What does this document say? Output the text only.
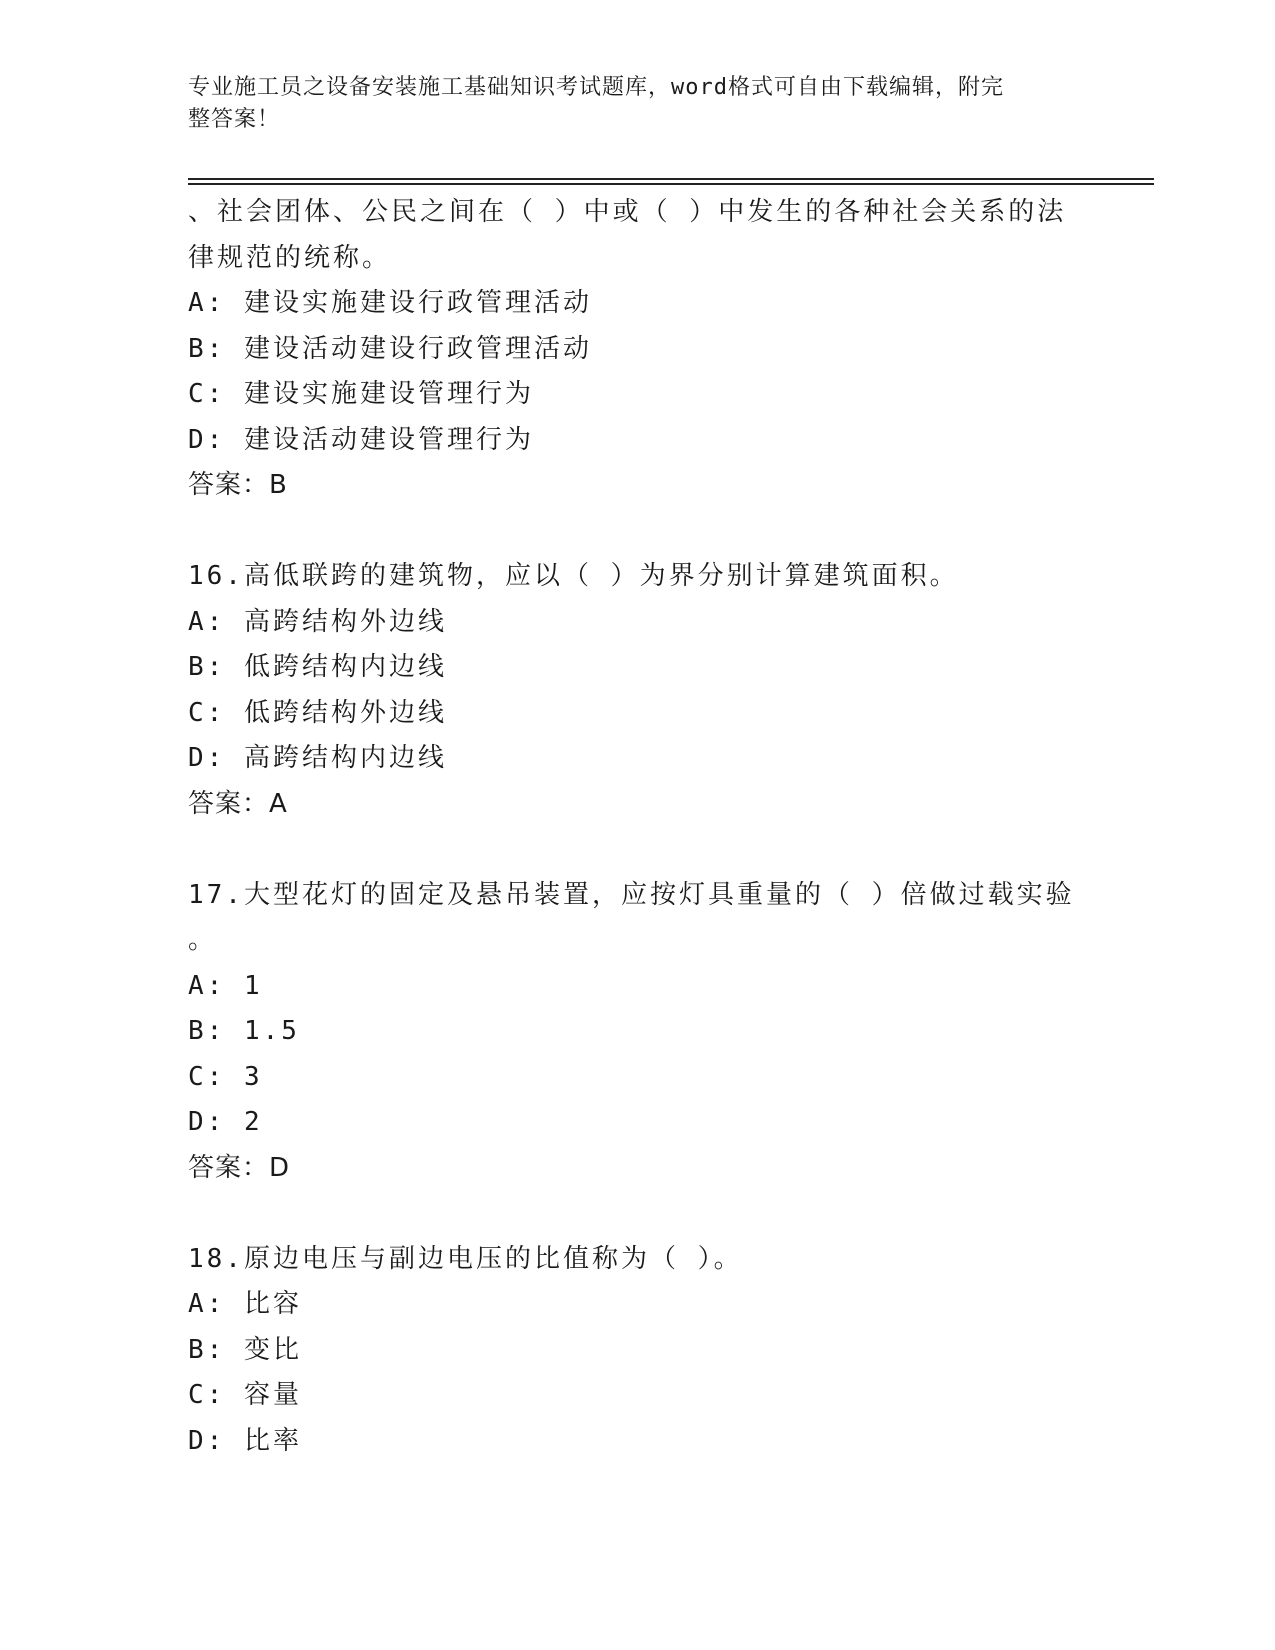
专业施工员之设备安装施工基础知识考试题库，word格式可自由下载编辑，附完
整答案！
、社会团体、公民之间在（ ）中或（ ）中发生的各种社会关系的法
律规范的统称。
A: 建设实施建设行政管理活动
B: 建设活动建设行政管理活动
C: 建设实施建设管理行为
D: 建设活动建设管理行为
答案：B
16.高低联跨的建筑物，应以（ ）为界分别计算建筑面积。
A: 高跨结构外边线
B: 低跨结构内边线
C: 低跨结构外边线
D: 高跨结构内边线
答案：A
17.大型花灯的固定及悬吊装置，应按灯具重量的（ ）倍做过载实验
。
A: 1
B: 1.5
C: 3
D: 2
答案：D
18.原边电压与副边电压的比值称为（ ）。
A: 比容
B: 变比
C: 容量
D: 比率
